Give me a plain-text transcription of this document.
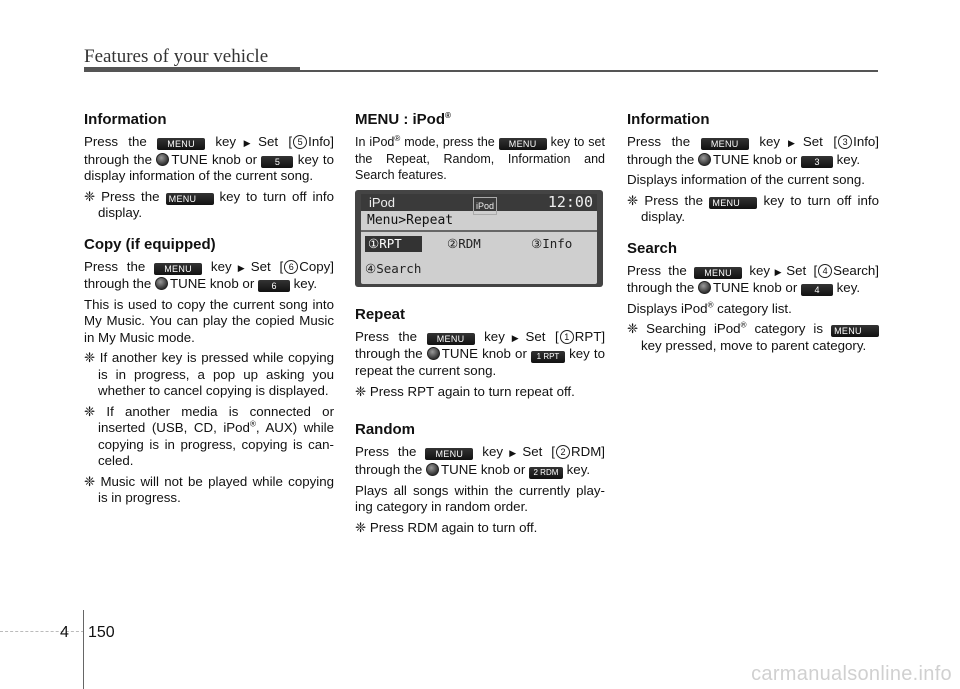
Features of your vehicle
Information

Press the MENU key▶Set [ 5 Info] through the TUNE knob or 5 key to display information of the current song.

❈ Press the MENU key to turn off info display.

Copy (if equipped)

Press the MENU key▶Set [ 6 Copy] through the TUNE knob or 6 key.

This is used to copy the current song into My Music. You can play the copied Music in My Music mode.

❈ If another key is pressed while copying is in progress, a pop up asking you whether to cancel copying is displayed.

❈ If another media is connected or inserted (USB, CD, iPod®, AUX) while copying is in progress, copying is can-celed.

❈ Music will not be played while copying is in progress.

MENU : iPod®

In iPod® mode, press the MENU key to set the Repeat, Random, Information and Search features.

iPod	iPod	12:00
Menu>Repeat
①RPT	②RDM	③Info
④Search
Repeat

Press the MENU key▶Set [ 1 RPT] through the TUNE knob or 1 RPT key to repeat the current song.

❈ Press RPT again to turn repeat off.

Random

Press the MENU key▶Set [ 2 RDM] through the TUNE knob or 2 RDM key.

Plays all songs within the currently play-ing category in random order.

❈ Press RDM again to turn off.

Information

Press the MENU key▶Set [ 3 Info] through the TUNE knob or 3 key.

Displays information of the current song.

❈ Press the MENU key to turn off info display.

Search

Press the MENU key▶Set [ 4 Search] through the TUNE knob or 4 key.

Displays iPod® category list.

❈ Searching iPod® category is MENU key pressed, move to parent category.

4 150
carmanualsonline.info
